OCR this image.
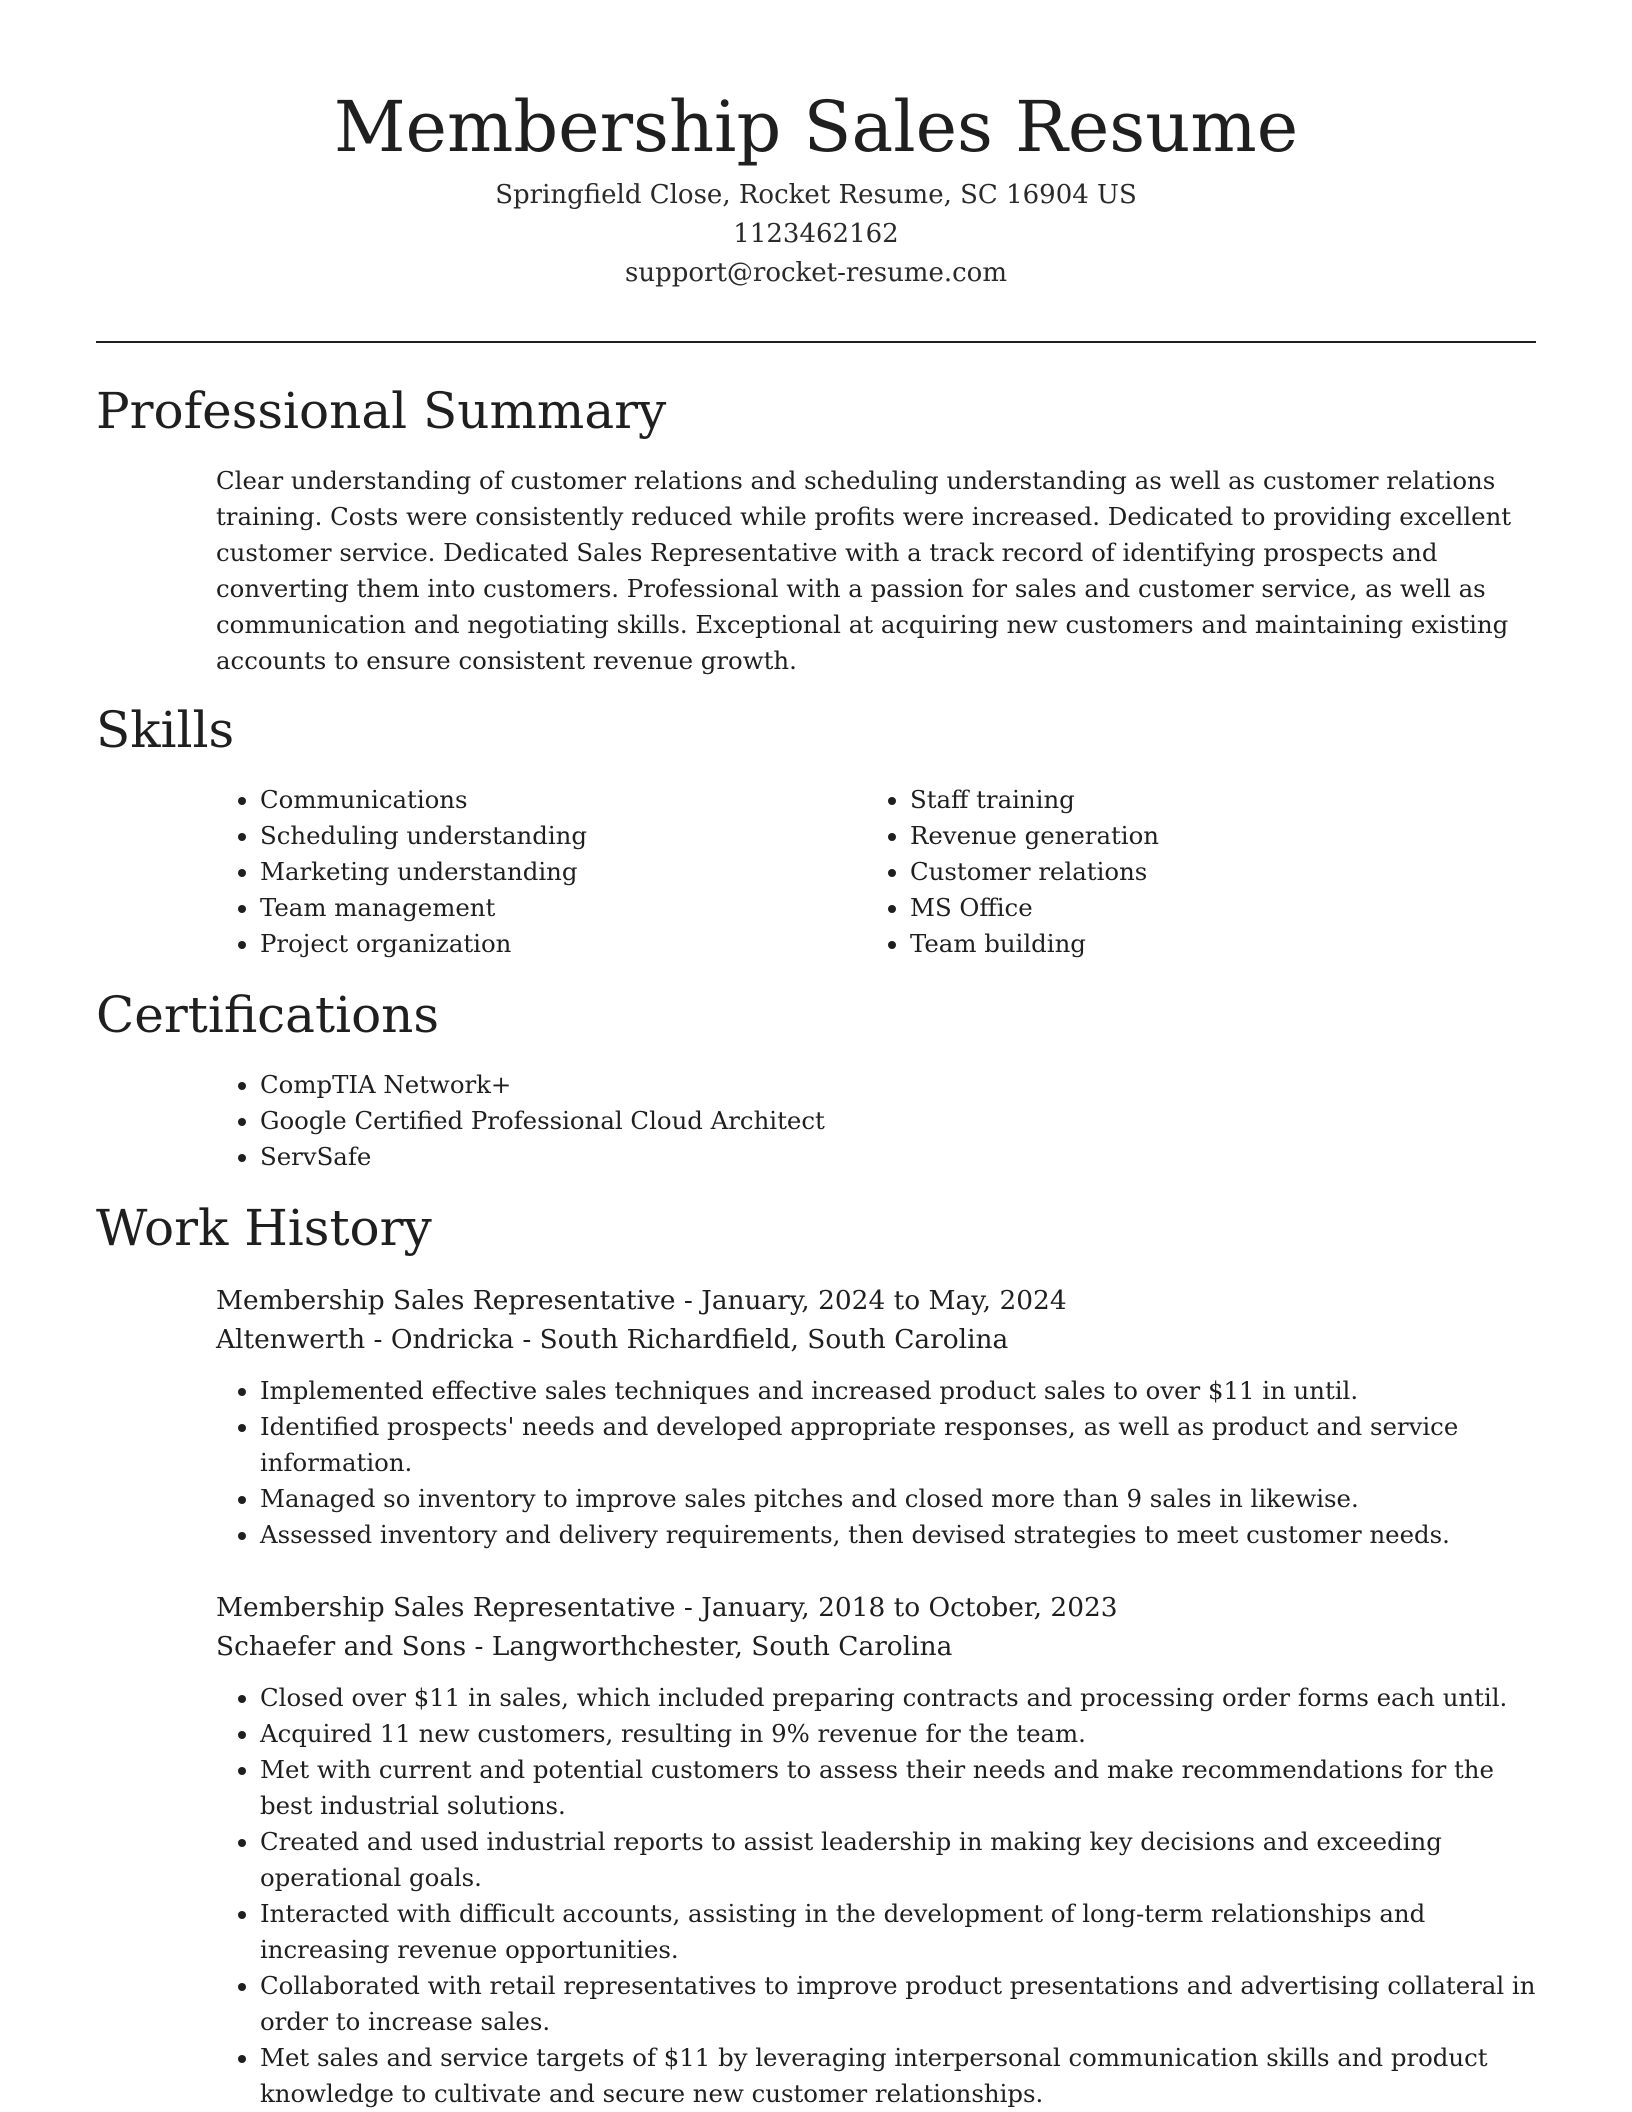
Membership Sales Resume
Springfield Close, Rocket Resume, SC 16904 US
1123462162
support@rocket-resume.com
Professional Summary

Clear understanding of customer relations and scheduling understanding as well as customer relations training. Costs were consistently reduced while profits were increased. Dedicated to providing excellent customer service. Dedicated Sales Representative with a track record of identifying prospects and converting them into customers. Professional with a passion for sales and customer service, as well as communication and negotiating skills. Exceptional at acquiring new customers and maintaining existing accounts to ensure consistent revenue growth.

Skills
• Communications
• Scheduling understanding
• Marketing understanding
• Team management
• Project organization
• Staff training
• Revenue generation
• Customer relations
• MS Office
• Team building
Certifications
• CompTIA Network+
• Google Certified Professional Cloud Architect
• ServSafe
Work History
Membership Sales Representative - January, 2024 to May, 2024
Altenwerth - Ondricka - South Richardfield, South Carolina
• Implemented effective sales techniques and increased product sales to over $11 in until.
• Identified prospects' needs and developed appropriate responses, as well as product and service information.
• Managed so inventory to improve sales pitches and closed more than 9 sales in likewise.
• Assessed inventory and delivery requirements, then devised strategies to meet customer needs.
Membership Sales Representative - January, 2018 to October, 2023
Schaefer and Sons - Langworthchester, South Carolina
• Closed over $11 in sales, which included preparing contracts and processing order forms each until.
• Acquired 11 new customers, resulting in 9% revenue for the team.
• Met with current and potential customers to assess their needs and make recommendations for the best industrial solutions.
• Created and used industrial reports to assist leadership in making key decisions and exceeding operational goals.
• Interacted with difficult accounts, assisting in the development of long-term relationships and increasing revenue opportunities.
• Collaborated with retail representatives to improve product presentations and advertising collateral in order to increase sales.
• Met sales and service targets of $11 by leveraging interpersonal communication skills and product knowledge to cultivate and secure new customer relationships.
